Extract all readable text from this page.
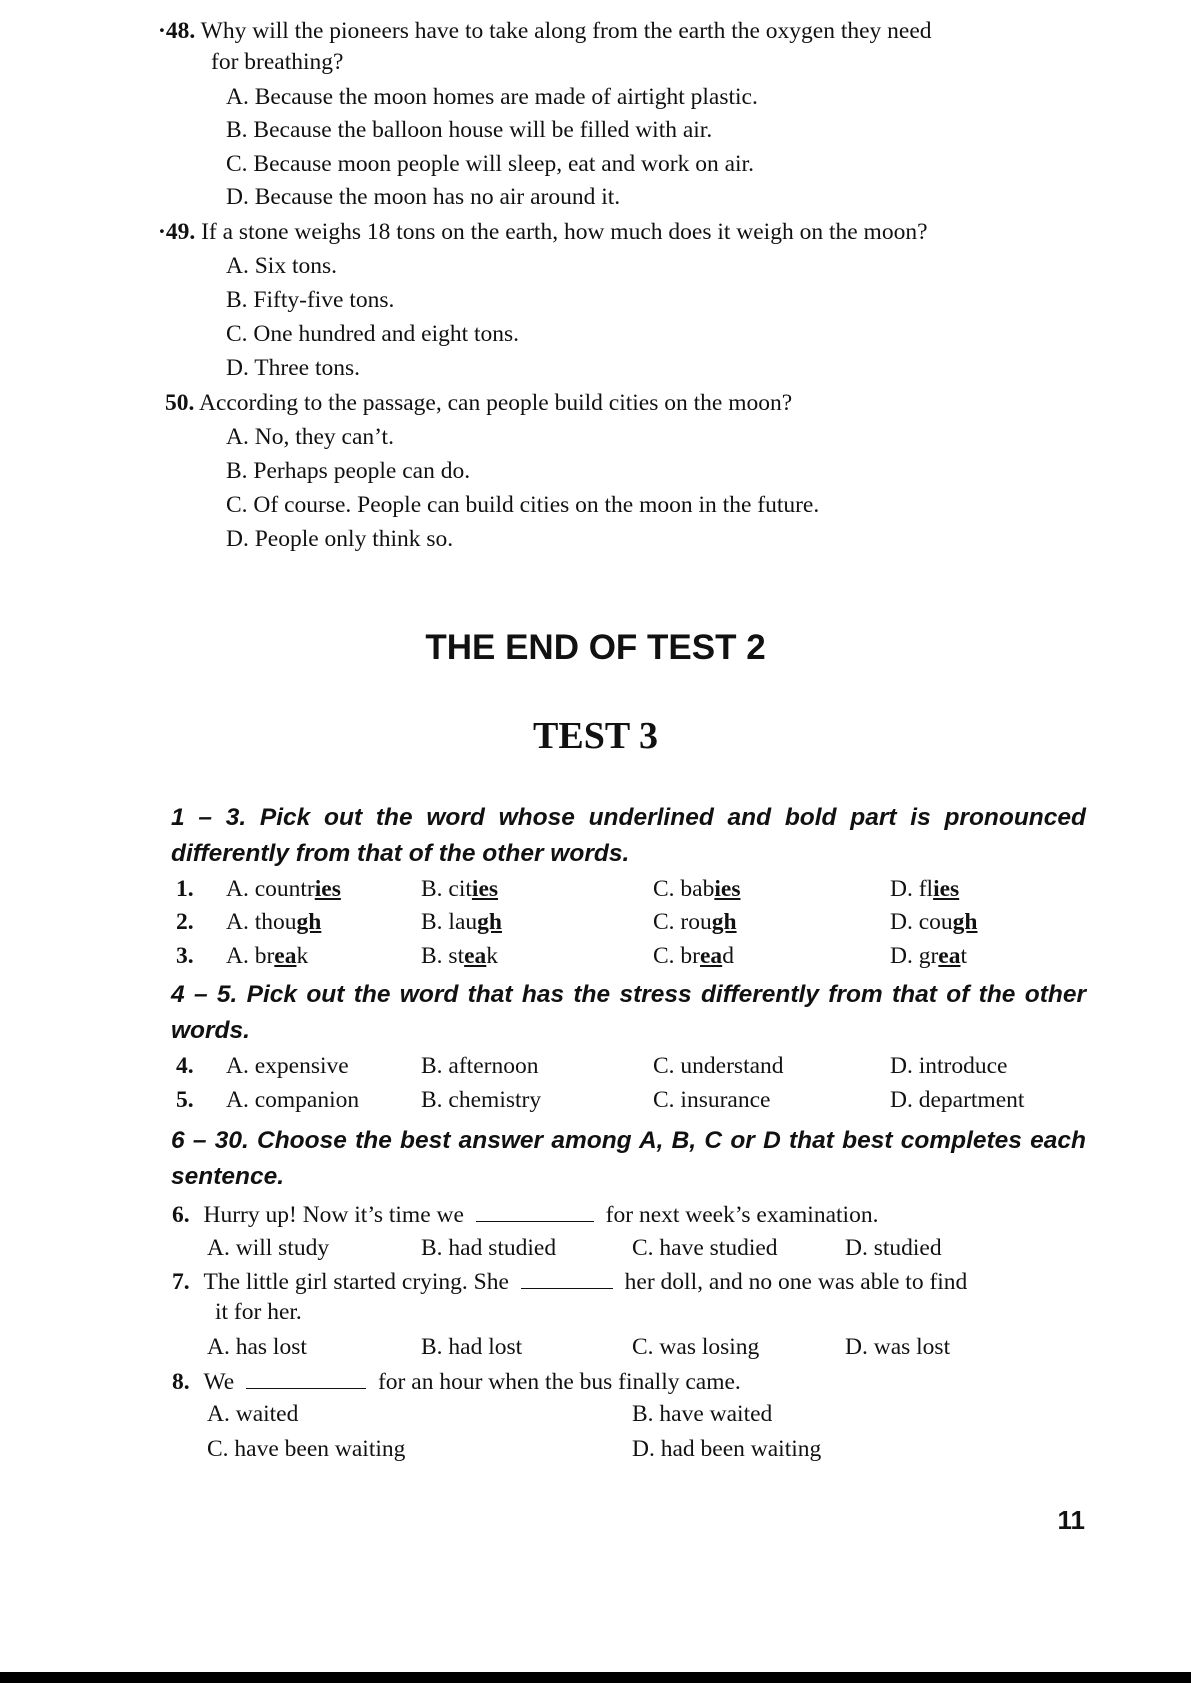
·48. Why will the pioneers have to take along from the earth the oxygen they need
for breathing?
A. Because the moon homes are made of airtight plastic.
B. Because the balloon house will be filled with air.
C. Because moon people will sleep, eat and work on air.
D. Because the moon has no air around it.
·49. If a stone weighs 18 tons on the earth, how much does it weigh on the moon?
A. Six tons.
B. Fifty-five tons.
C. One hundred and eight tons.
D. Three tons.
50. According to the passage, can people build cities on the moon?
A. No, they can’t.
B. Perhaps people can do.
C. Of course. People can build cities on the moon in the future.
D. People only think so.
THE END OF TEST 2
TEST 3
1 – 3. Pick out the word whose underlined and bold part is pronounced differently from that of the other words.
1. A. countries	B. cities	C. babies	D. flies
2. A. though	B. laugh	C. rough	D. cough
3. A. break	B. steak	C. bread	D. great
4 – 5. Pick out the word that has the stress differently from that of the other words.
4. A. expensive	B. afternoon	C. understand	D. introduce
5. A. companion	B. chemistry	C. insurance	D. department
6 – 30. Choose the best answer among A, B, C or D that best completes each sentence.
6. Hurry up! Now it’s time we	for next week’s examination.
A. will study	B. had studied	C. have studied	D. studied
7. The little girl started crying. She	her doll, and no one was able to find
it for her.
A. has lost	B. had lost	C. was losing	D. was lost
8. We	for an hour when the bus finally came.
A. waited	B. have waited
C. have been waiting	D. had been waiting
11
